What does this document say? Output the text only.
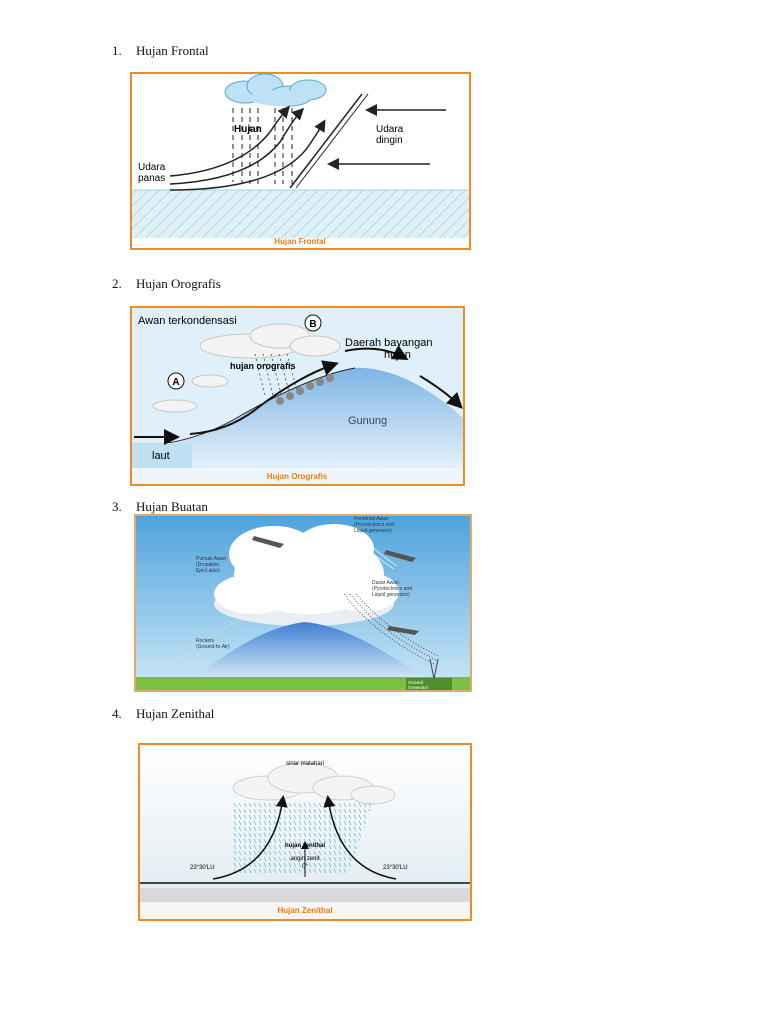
1. Hujan Frontal
2. Hujan Orografis
3. Hujan Buatan
4. Hujan Zenithal
Hujan
Udara
panas
Udara
dingin
Hujan Frontal
Awan terkondensasi	B
A
Daerah bayangan
hujan
hujan orografis
Gunung
laut
Hujan Orografis
Penetrasi Awan
(Pyrotechnics and
Liquid generator)
Puncak Awan
(Dropable/
Eject able)
Dasar Awan
(Pyrotechnics and
Liquid generator)
Rockets
(Ground-to-Air)
Ground
Generator
sinar matahari
hujan zenithal
angin zenit
0°
23°30'LU	23°30'LU
Hujan Zenithal
